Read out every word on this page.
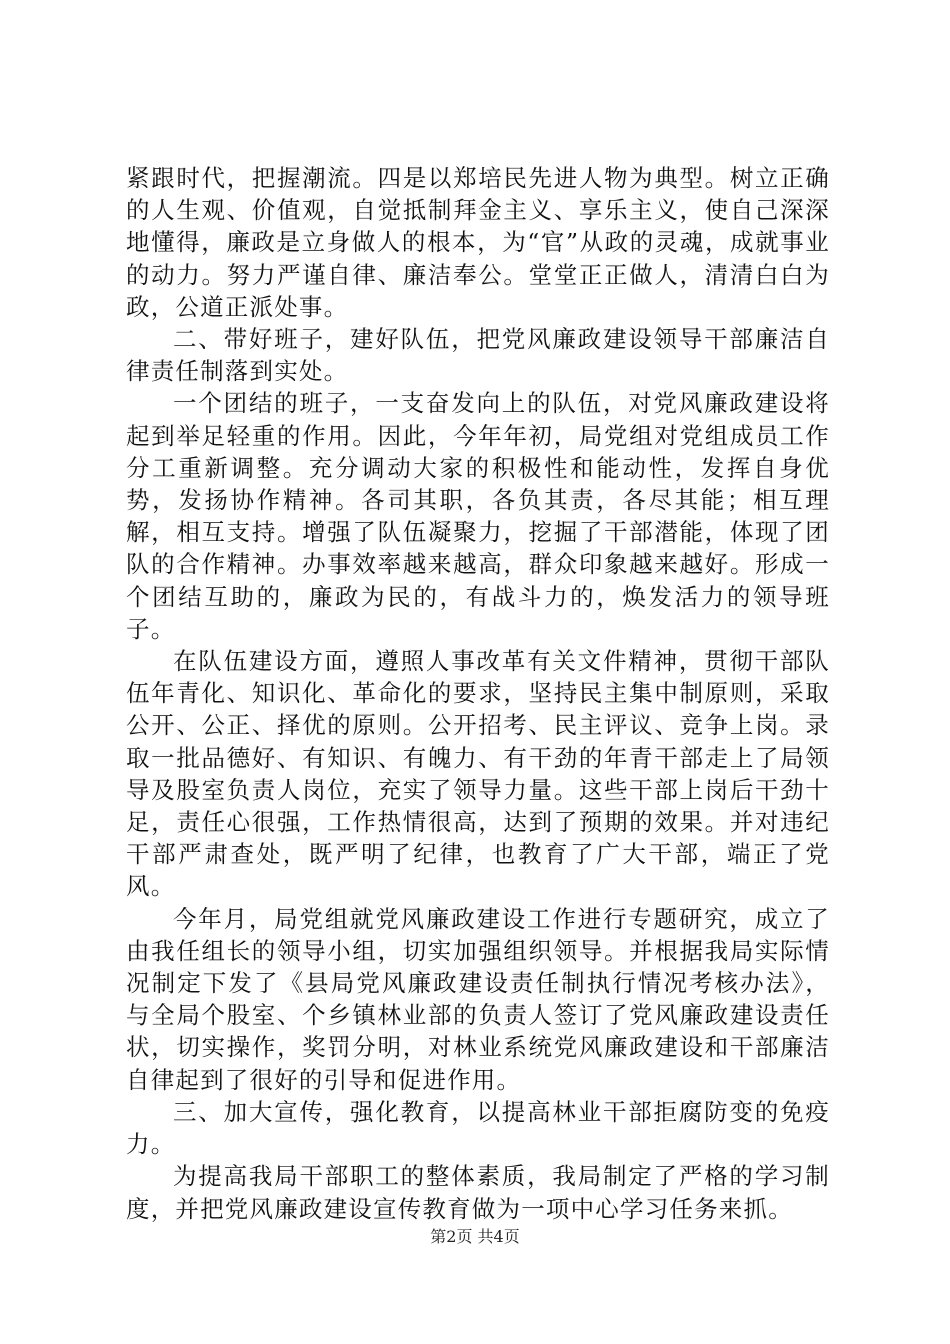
紧跟时代，把握潮流。四是以郑培民先进人物为典型。树立正确的人生观、价值观，自觉抵制拜金主义、享乐主义，使自己深深地懂得，廉政是立身做人的根本，为“官”从政的灵魂，成就事业的动力。努力严谨自律、廉洁奉公。堂堂正正做人，清清白白为政，公道正派处事。

二、带好班子，建好队伍，把党风廉政建设领导干部廉洁自律责任制落到实处。

一个团结的班子，一支奋发向上的队伍，对党风廉政建设将起到举足轻重的作用。因此，今年年初，局党组对党组成员工作分工重新调整。充分调动大家的积极性和能动性，发挥自身优势，发扬协作精神。各司其职，各负其责，各尽其能；相互理解，相互支持。增强了队伍凝聚力，挖掘了干部潜能，体现了团队的合作精神。办事效率越来越高，群众印象越来越好。形成一个团结互助的，廉政为民的，有战斗力的，焕发活力的领导班子。

在队伍建设方面，遵照人事改革有关文件精神，贯彻干部队伍年青化、知识化、革命化的要求，坚持民主集中制原则，采取公开、公正、择优的原则。公开招考、民主评议、竞争上岗。录取一批品德好、有知识、有魄力、有干劲的年青干部走上了局领导及股室负责人岗位，充实了领导力量。这些干部上岗后干劲十足，责任心很强，工作热情很高，达到了预期的效果。并对违纪干部严肃查处，既严明了纪律，也教育了广大干部，端正了党风。

今年月，局党组就党风廉政建设工作进行专题研究，成立了由我任组长的领导小组，切实加强组织领导。并根据我局实际情况制定下发了《县局党风廉政建设责任制执行情况考核办法》，与全局个股室、个乡镇林业部的负责人签订了党风廉政建设责任状，切实操作，奖罚分明，对林业系统党风廉政建设和干部廉洁自律起到了很好的引导和促进作用。

三、加大宣传，强化教育，以提高林业干部拒腐防变的免疫力。

为提高我局干部职工的整体素质，我局制定了严格的学习制度，并把党风廉政建设宣传教育做为一项中心学习任务来抓。

第2页 共4页
